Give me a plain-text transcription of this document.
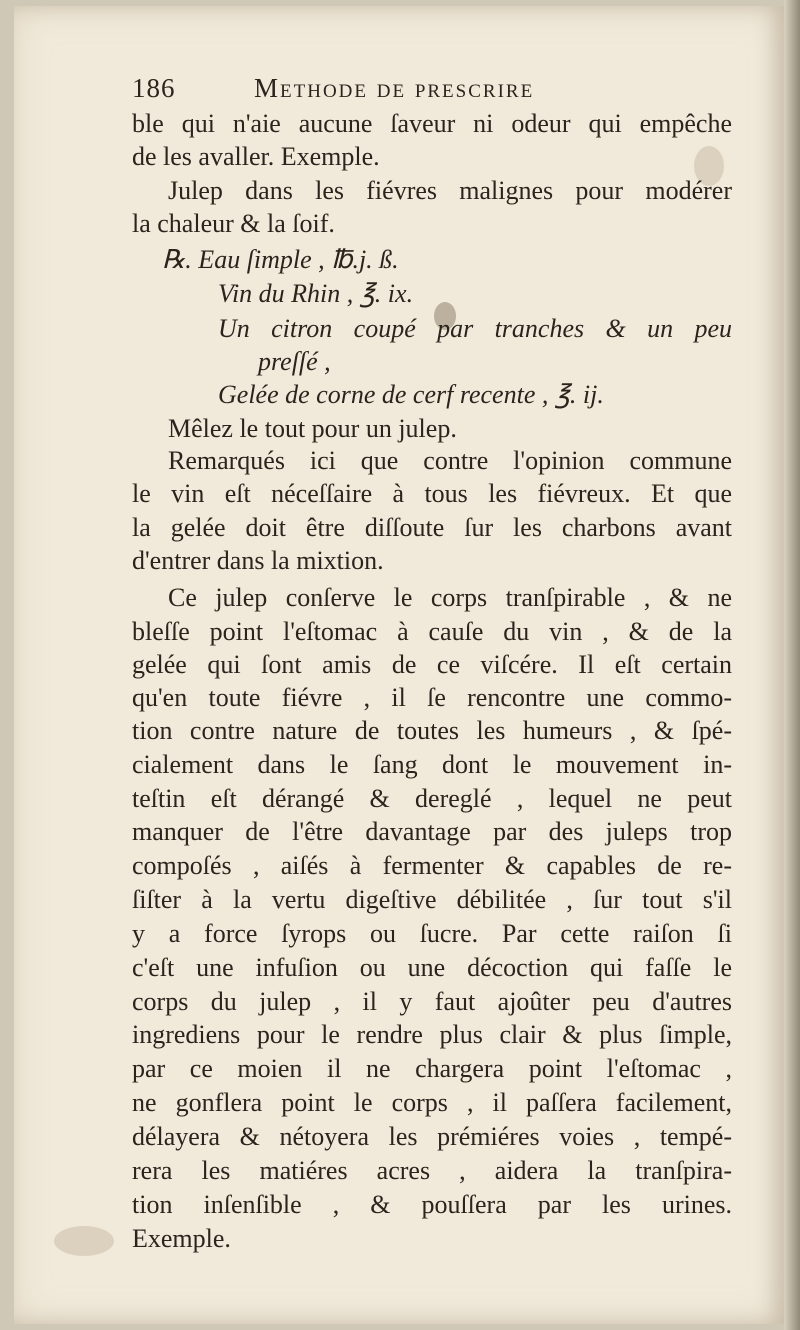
186	Methode de prescrire
ble qui n'aie aucune ſaveur ni odeur qui empêche
de les avaller. Exemple.
Julep dans les fiévres malignes pour modérer
la chaleur & la ſoif.
℞. Eau ſimple , ℔.j. ß.
Vin du Rhin , ℥. ix.
Un citron coupé par tranches & un peu
preſſé ,
Gelée de corne de cerf recente , ℥. ij.
Mêlez le tout pour un julep.
Remarqués ici que contre l'opinion commune
le vin eſt néceſſaire à tous les fiévreux. Et que
la gelée doit être diſſoute ſur les charbons avant
d'entrer dans la mixtion.
Ce julep conſerve le corps tranſpirable , & ne
bleſſe point l'eſtomac à cauſe du vin , & de la
gelée qui ſont amis de ce viſcére. Il eſt certain
qu'en toute fiévre , il ſe rencontre une commo-
tion contre nature de toutes les humeurs , & ſpé-
cialement dans le ſang dont le mouvement in-
teſtin eſt dérangé & dereglé , lequel ne peut
manquer de l'être davantage par des juleps trop
compoſés , aiſés à fermenter & capables de re-
ſiſter à la vertu digeſtive débilitée , ſur tout s'il
y a force ſyrops ou ſucre. Par cette raiſon ſi
c'eſt une infuſion ou une décoction qui faſſe le
corps du julep , il y faut ajoûter peu d'autres
ingrediens pour le rendre plus clair & plus ſimple,
par ce moien il ne chargera point l'eſtomac ,
ne gonflera point le corps , il paſſera facilement,
délayera & nétoyera les prémiéres voies , tempé-
rera les matiéres acres , aidera la tranſpira-
tion inſenſible , & pouſſera par les urines.
Exemple.
